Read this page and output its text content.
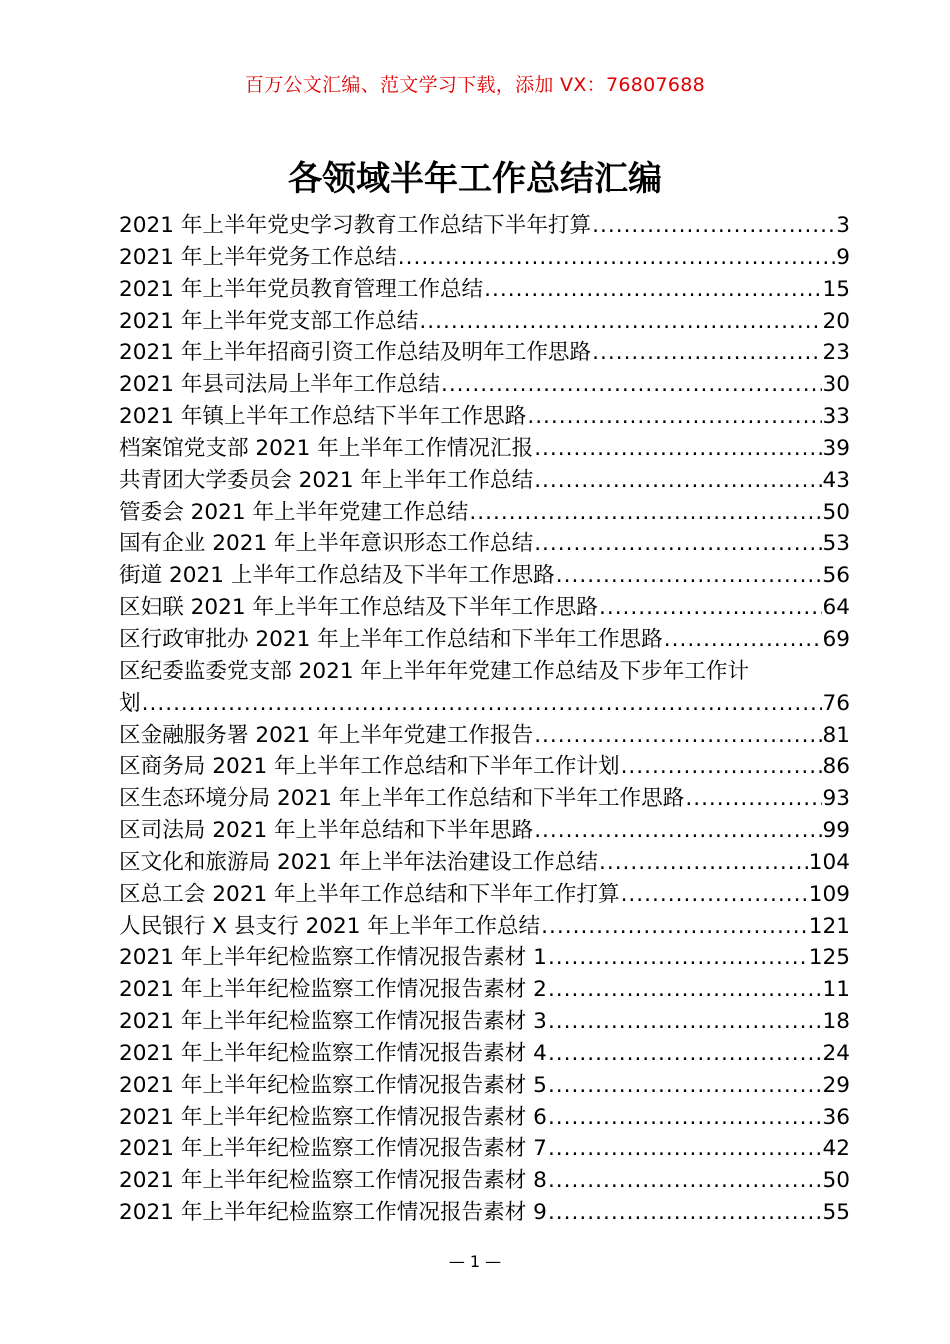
百万公文汇编、范文学习下载，添加 VX：76807688
各领域半年工作总结汇编
2021 年上半年党史学习教育工作总结下半年打算 .....	3
2021 年上半年党务工作总结 .....	9
2021 年上半年党员教育管理工作总结 .....	15
2021 年上半年党支部工作总结 .....	20
2021 年上半年招商引资工作总结及明年工作思路 .....	23
2021 年县司法局上半年工作总结 .....	30
2021 年镇上半年工作总结下半年工作思路 .....	33
档案馆党支部 2021 年上半年工作情况汇报 .....	39
共青团大学委员会 2021 年上半年工作总结 .....	43
管委会 2021 年上半年党建工作总结 .....	50
国有企业 2021 年上半年意识形态工作总结 .....	53
街道 2021 上半年工作总结及下半年工作思路 .....	56
区妇联 2021 年上半年工作总结及下半年工作思路 .....	64
区行政审批办 2021 年上半年工作总结和下半年工作思路 .....	69
区纪委监委党支部 2021 年上半年年党建工作总结及下步年工作计
划 .....	76
区金融服务署 2021 年上半年党建工作报告 .....	81
区商务局 2021 年上半年工作总结和下半年工作计划 .....	86
区生态环境分局 2021 年上半年工作总结和下半年工作思路 .....	93
区司法局 2021 年上半年总结和下半年思路 .....	99
区文化和旅游局 2021 年上半年法治建设工作总结 .....	104
区总工会 2021 年上半年工作总结和下半年工作打算 .....	109
人民银行 X 县支行 2021 年上半年工作总结 .....	121
2021 年上半年纪检监察工作情况报告素材 1 .....	125
2021 年上半年纪检监察工作情况报告素材 2 .....	11
2021 年上半年纪检监察工作情况报告素材 3 .....	18
2021 年上半年纪检监察工作情况报告素材 4 .....	24
2021 年上半年纪检监察工作情况报告素材 5 .....	29
2021 年上半年纪检监察工作情况报告素材 6 .....	36
2021 年上半年纪检监察工作情况报告素材 7 .....	42
2021 年上半年纪检监察工作情况报告素材 8 .....	50
2021 年上半年纪检监察工作情况报告素材 9 .....	55
— 1 —
